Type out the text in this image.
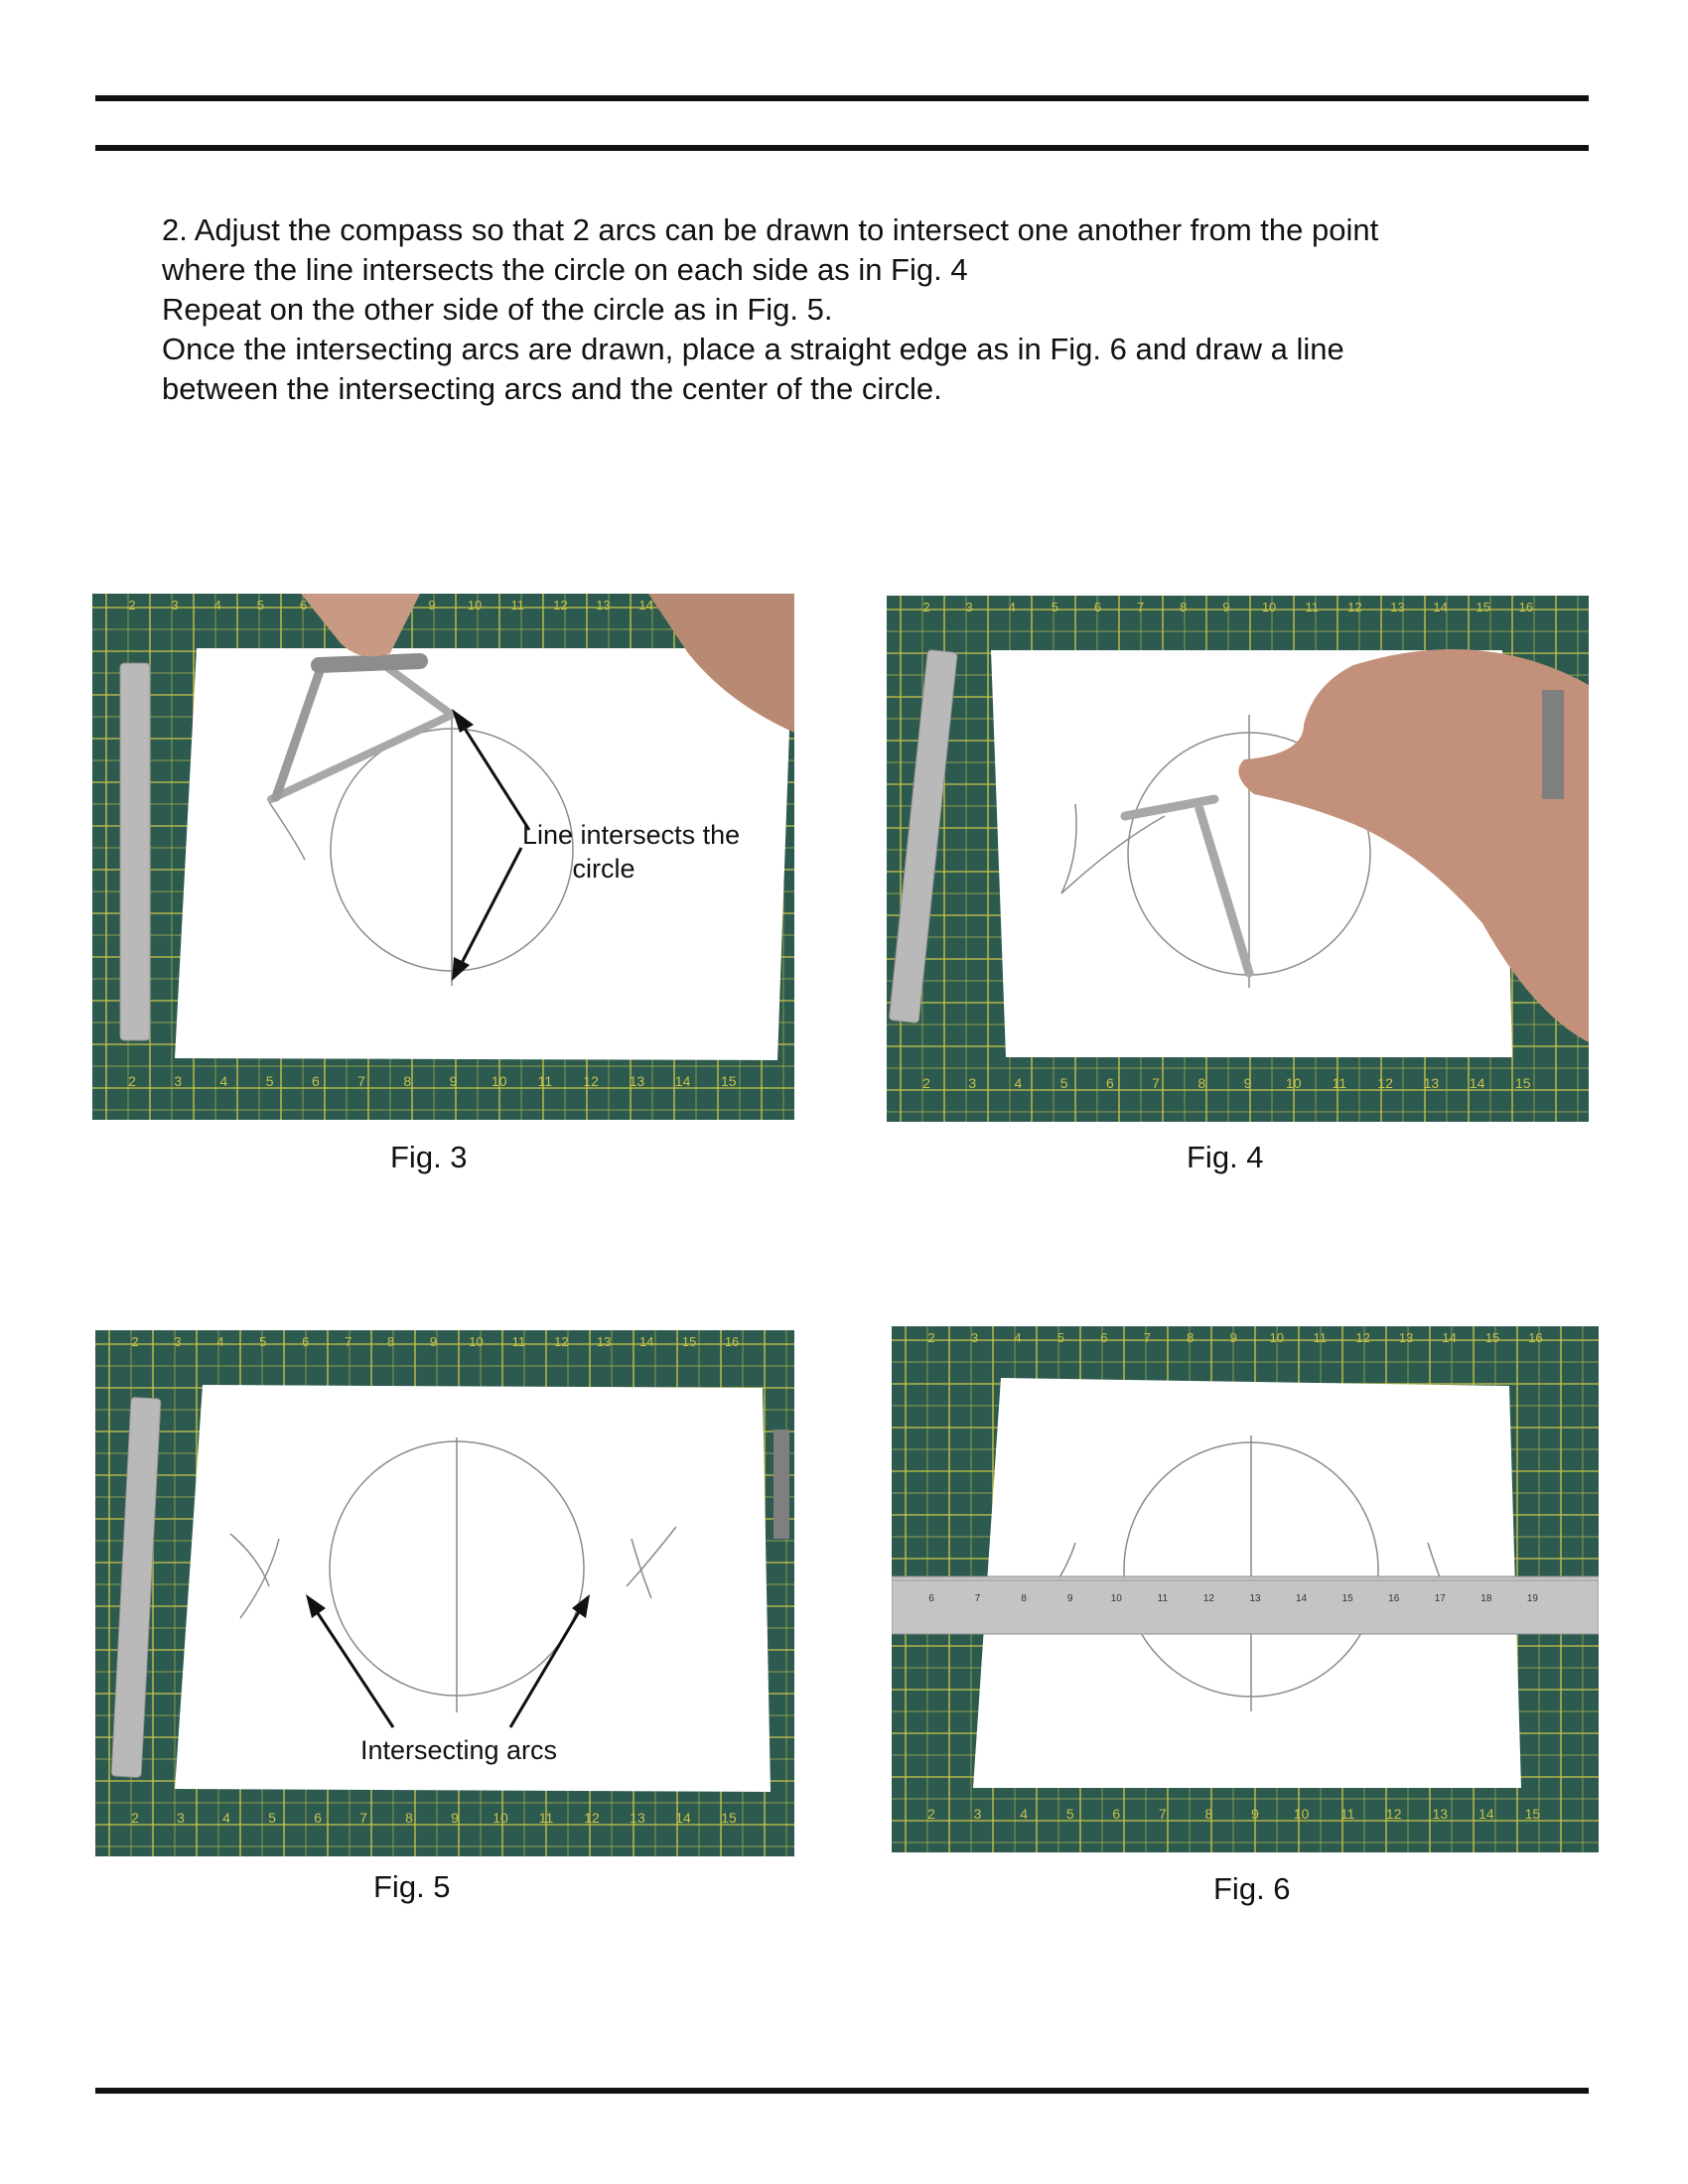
2. Adjust the compass so that 2 arcs can be drawn to intersect one another from the point

where the line intersects the circle on each side as in Fig. 4

Repeat on the other side of the circle as in Fig. 5.

Once the intersecting arcs are drawn, place a straight edge as in Fig. 6 and draw a line

between the intersecting arcs and the center of the circle.

2	3	4	5	6	9 10 11 12 13 14
2	3	4	5	6	7	8	9 10 11 12 13 14 15
Line intersects the
circle
Fig. 3
2	3	4	5	6	7	8	9 10 11 12 13 14 15 16
2	3	4	5	6	7	8	9 10 11 12 13 14 15
Fig. 4
2	3	4	5	6	7	8	9 10 11 12 13 14 15 16
2	3	4	5	6	7	8	9 10 11 12 13 14 15
Intersecting arcs
Fig. 5
2	3	4	5	6	7	8	9	10 11 12 13 14 15 16
2	3	4	5	6	7	8	9 10 11 12 13 14 15
6	7	8	9	10	11	12	13	14	15	16	17	18	19
Fig. 6
